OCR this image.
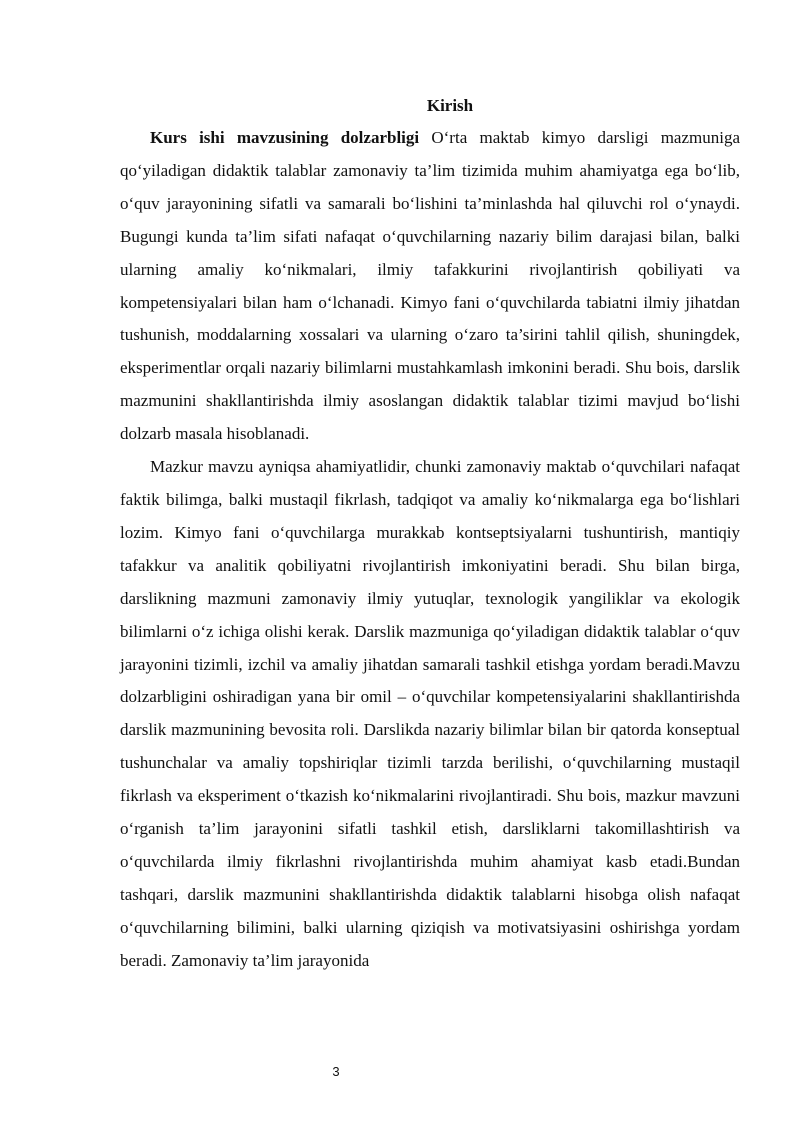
Kirish

Kurs ishi mavzusining dolzarbligi O‘rta maktab kimyo darsligi mazmuniga qo‘yiladigan didaktik talablar zamonaviy ta’lim tizimida muhim ahamiyatga ega bo‘lib, o‘quv jarayonining sifatli va samarali bo‘lishini ta’minlashda hal qiluvchi rol o‘ynaydi. Bugungi kunda ta’lim sifati nafaqat o‘quvchilarning nazariy bilim darajasi bilan, balki ularning amaliy ko‘nikmalari, ilmiy tafakkurini rivojlantirish qobiliyati va kompetensiyalari bilan ham o‘lchanadi. Kimyo fani o‘quvchilarda tabiatni ilmiy jihatdan tushunish, moddalarning xossalari va ularning o‘zaro ta’sirini tahlil qilish, shuningdek, eksperimentlar orqali nazariy bilimlarni mustahkamlash imkonini beradi. Shu bois, darslik mazmunini shakllantirishda ilmiy asoslangan didaktik talablar tizimi mavjud bo‘lishi dolzarb masala hisoblanadi.

Mazkur mavzu ayniqsa ahamiyatlidir, chunki zamonaviy maktab o‘quvchilari nafaqat faktik bilimga, balki mustaqil fikrlash, tadqiqot va amaliy ko‘nikmalarga ega bo‘lishlari lozim. Kimyo fani o‘quvchilarga murakkab kontseptsiyalarni tushuntirish, mantiqiy tafakkur va analitik qobiliyatni rivojlantirish imkoniyatini beradi. Shu bilan birga, darslikning mazmuni zamonaviy ilmiy yutuqlar, texnologik yangiliklar va ekologik bilimlarni o‘z ichiga olishi kerak. Darslik mazmuniga qo‘yiladigan didaktik talablar o‘quv jarayonini tizimli, izchil va amaliy jihatdan samarali tashkil etishga yordam beradi.Mavzu dolzarbligini oshiradigan yana bir omil – o‘quvchilar kompetensiyalarini shakllantirishda darslik mazmunining bevosita roli. Darslikda nazariy bilimlar bilan bir qatorda konseptual tushunchalar va amaliy topshiriqlar tizimli tarzda berilishi, o‘quvchilarning mustaqil fikrlash va eksperiment o‘tkazish ko‘nikmalarini rivojlantiradi. Shu bois, mazkur mavzuni o‘rganish ta’lim jarayonini sifatli tashkil etish, darsliklarni takomillashtirish va o‘quvchilarda ilmiy fikrlashni rivojlantirishda muhim ahamiyat kasb etadi.Bundan tashqari, darslik mazmunini shakllantirishda didaktik talablarni hisobga olish nafaqat o‘quvchilarning bilimini, balki ularning qiziqish va motivatsiyasini oshirishga yordam beradi. Zamonaviy ta’lim jarayonida

3
